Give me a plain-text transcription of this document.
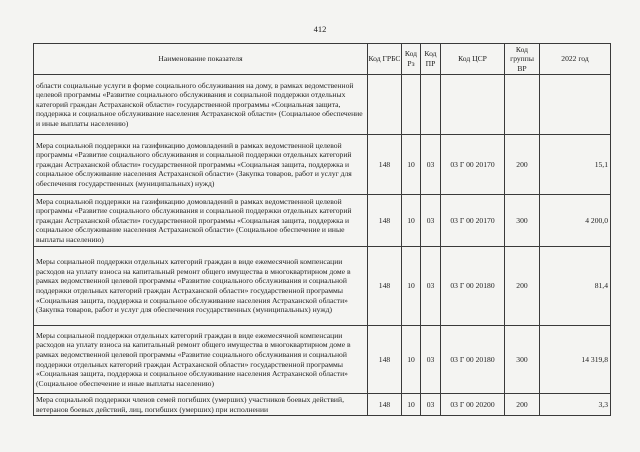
412
Наименование показателя	Код ГРБС	Код Рз	Код ПР	Код ЦСР	Код группы ВР	2022 год
области социальные услуги в форме социального обслуживания на дому, в рамках ведомственной целевой программы «Развитие социального обслуживания и социальной поддержки отдельных категорий граждан Астраханской области» государственной программы «Социальная защита, поддержка и социальное обслуживание населения Астраханской области» (Социальное обеспечение и иные выплаты населению)						
Мера социальной поддержки на газификацию домовладений в рамках ведомственной целевой программы «Развитие социального обслуживания и социальной поддержки отдельных категорий граждан Астраханской области» государственной программы «Социальная защита, поддержка и социальное обслуживание населения Астраханской области» (Закупка товаров, работ и услуг для обеспечения государственных (муниципальных) нужд)	148	10	03	03 Г 00 20170	200	15,1
Мера социальной поддержки на газификацию домовладений в рамках ведомственной целевой программы «Развитие социального обслуживания и социальной поддержки отдельных категорий граждан Астраханской области» государственной программы «Социальная защита, поддержка и социальное обслуживание населения Астраханской области» (Социальное обеспечение и иные выплаты населению)	148	10	03	03 Г 00 20170	300	4 200,0
Меры социальной поддержки отдельных категорий граждан в виде ежемесячной компенсации расходов на уплату взноса на капитальный ремонт общего имущества в многоквартирном доме в рамках ведомственной целевой программы «Развитие социального обслуживания и социальной поддержки отдельных категорий граждан Астраханской области» государственной программы «Социальная защита, поддержка и социальное обслуживание населения Астраханской области» (Закупка товаров, работ и услуг для обеспечения государственных (муниципальных) нужд)	148	10	03	03 Г 00 20180	200	81,4
Меры социальной поддержки отдельных категорий граждан в виде ежемесячной компенсации расходов на уплату взноса на капитальный ремонт общего имущества в многоквартирном доме в рамках ведомственной целевой программы «Развитие социального обслуживания и социальной поддержки отдельных категорий граждан Астраханской области» государственной программы «Социальная защита, поддержка и социальное обслуживание населения Астраханской области» (Социальное обеспечение и иные выплаты населению)	148	10	03	03 Г 00 20180	300	14 319,8
Мера социальной поддержки членов семей погибших (умерших) участников боевых действий, ветеранов боевых действий, лиц, погибших (умерших) при исполнении	148	10	03	03 Г 00 20200	200	3,3
